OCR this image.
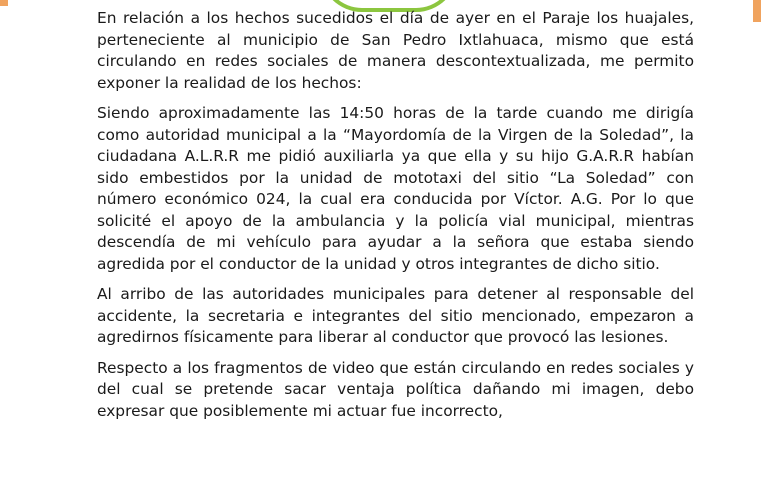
En relación a los hechos sucedidos el día de ayer en el Paraje los huajales, perteneciente al municipio de San Pedro Ixtlahuaca, mismo que está circulando en redes sociales de manera descontextualizada, me permito exponer la realidad de los hechos:

Siendo aproximadamente las 14:50 horas de la tarde cuando me dirigía como autoridad municipal a la “Mayordomía de la Virgen de la Soledad”, la ciudadana A.L.R.R me pidió auxiliarla ya que ella y su hijo G.A.R.R habían sido embestidos por la unidad de mototaxi del sitio “La Soledad” con número económico 024, la cual era conducida por Víctor. A.G. Por lo que solicité el apoyo de la ambulancia y la policía vial municipal, mientras descendía de mi vehículo para ayudar a la señora que estaba siendo agredida por el conductor de la unidad y otros integrantes de dicho sitio.

Al arribo de las autoridades municipales para detener al responsable del accidente, la secretaria e integrantes del sitio mencionado, empezaron a agredirnos físicamente para liberar al conductor que provocó las lesiones.

Respecto a los fragmentos de video que están circulando en redes sociales y del cual se pretende sacar ventaja política dañando mi imagen, debo expresar que posiblemente mi actuar fue incorrecto,
